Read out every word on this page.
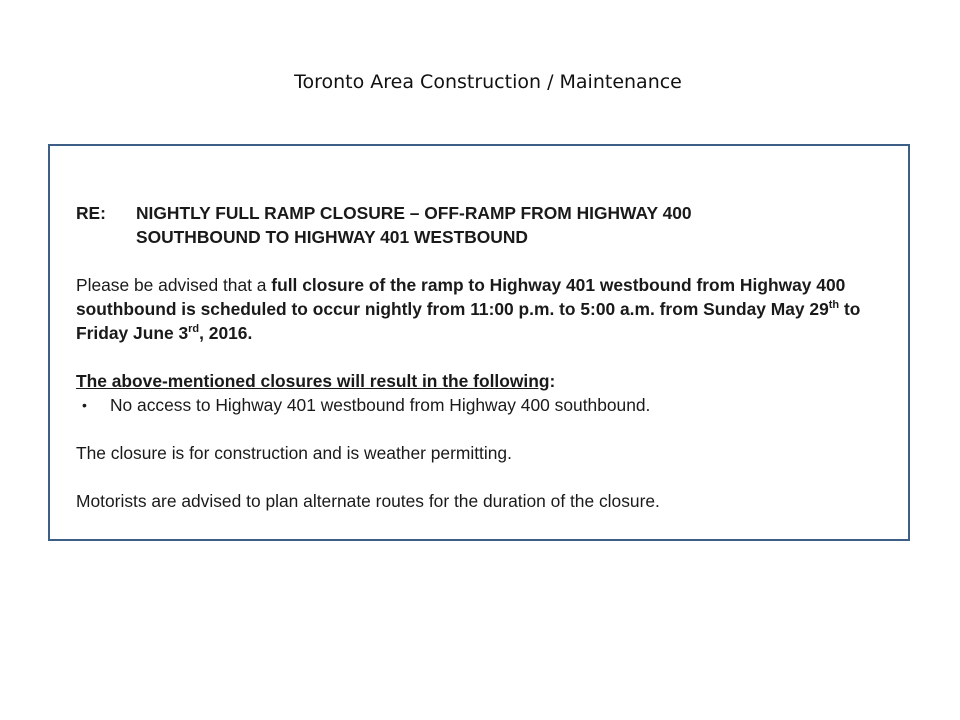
Toronto Area Construction / Maintenance
RE:	NIGHTLY FULL RAMP CLOSURE – OFF-RAMP FROM HIGHWAY 400
SOUTHBOUND TO HIGHWAY 401 WESTBOUND
Please be advised that a full closure of the ramp to Highway 401 westbound from Highway 400 southbound is scheduled to occur nightly from 11:00 p.m. to 5:00 a.m. from Sunday May 29th to Friday June 3rd, 2016.
The above-mentioned closures will result in the following:
•	No access to Highway 401 westbound from Highway 400 southbound.
The closure is for construction and is weather permitting.
Motorists are advised to plan alternate routes for the duration of the closure.
